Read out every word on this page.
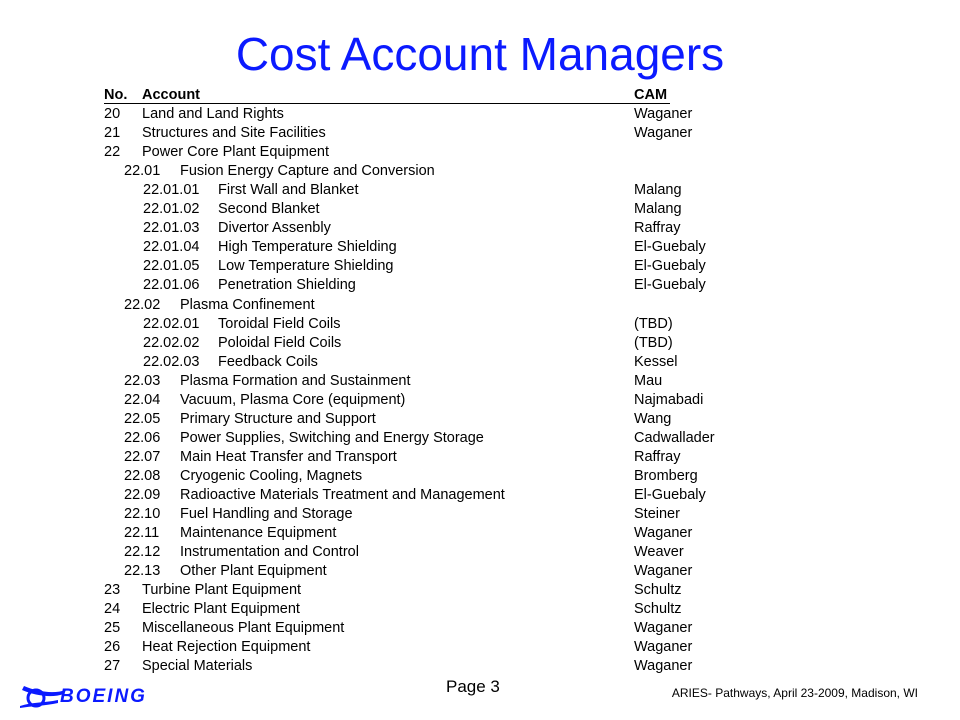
Cost Account Managers
No. Account	CAM
20 Land and Land Rights	Waganer
21 Structures and Site Facilities	Waganer
22 Power Core Plant Equipment
22.01 Fusion Energy Capture and Conversion
22.01.01 First Wall and Blanket	Malang
22.01.02 Second Blanket	Malang
22.01.03 Divertor Assenbly	Raffray
22.01.04 High Temperature Shielding	El-Guebaly
22.01.05 Low Temperature Shielding	El-Guebaly
22.01.06 Penetration Shielding	El-Guebaly
22.02 Plasma Confinement
22.02.01 Toroidal Field Coils	(TBD)
22.02.02 Poloidal Field Coils	(TBD)
22.02.03 Feedback Coils	Kessel
22.03 Plasma Formation and Sustainment	Mau
22.04 Vacuum, Plasma Core (equipment)	Najmabadi
22.05 Primary Structure and Support	Wang
22.06 Power Supplies, Switching and Energy Storage	Cadwallader
22.07 Main Heat Transfer and Transport	Raffray
22.08 Cryogenic Cooling, Magnets	Bromberg
22.09 Radioactive Materials Treatment and Management	El-Guebaly
22.10 Fuel Handling and Storage	Steiner
22.11 Maintenance Equipment	Waganer
22.12 Instrumentation and Control	Weaver
22.13 Other Plant Equipment	Waganer
23 Turbine Plant Equipment	Schultz
24 Electric Plant Equipment	Schultz
25 Miscellaneous Plant Equipment	Waganer
26 Heat Rejection Equipment	Waganer
27 Special Materials	Waganer
Page 3	ARIES- Pathways, April 23-2009, Madison, WI
BOEING
